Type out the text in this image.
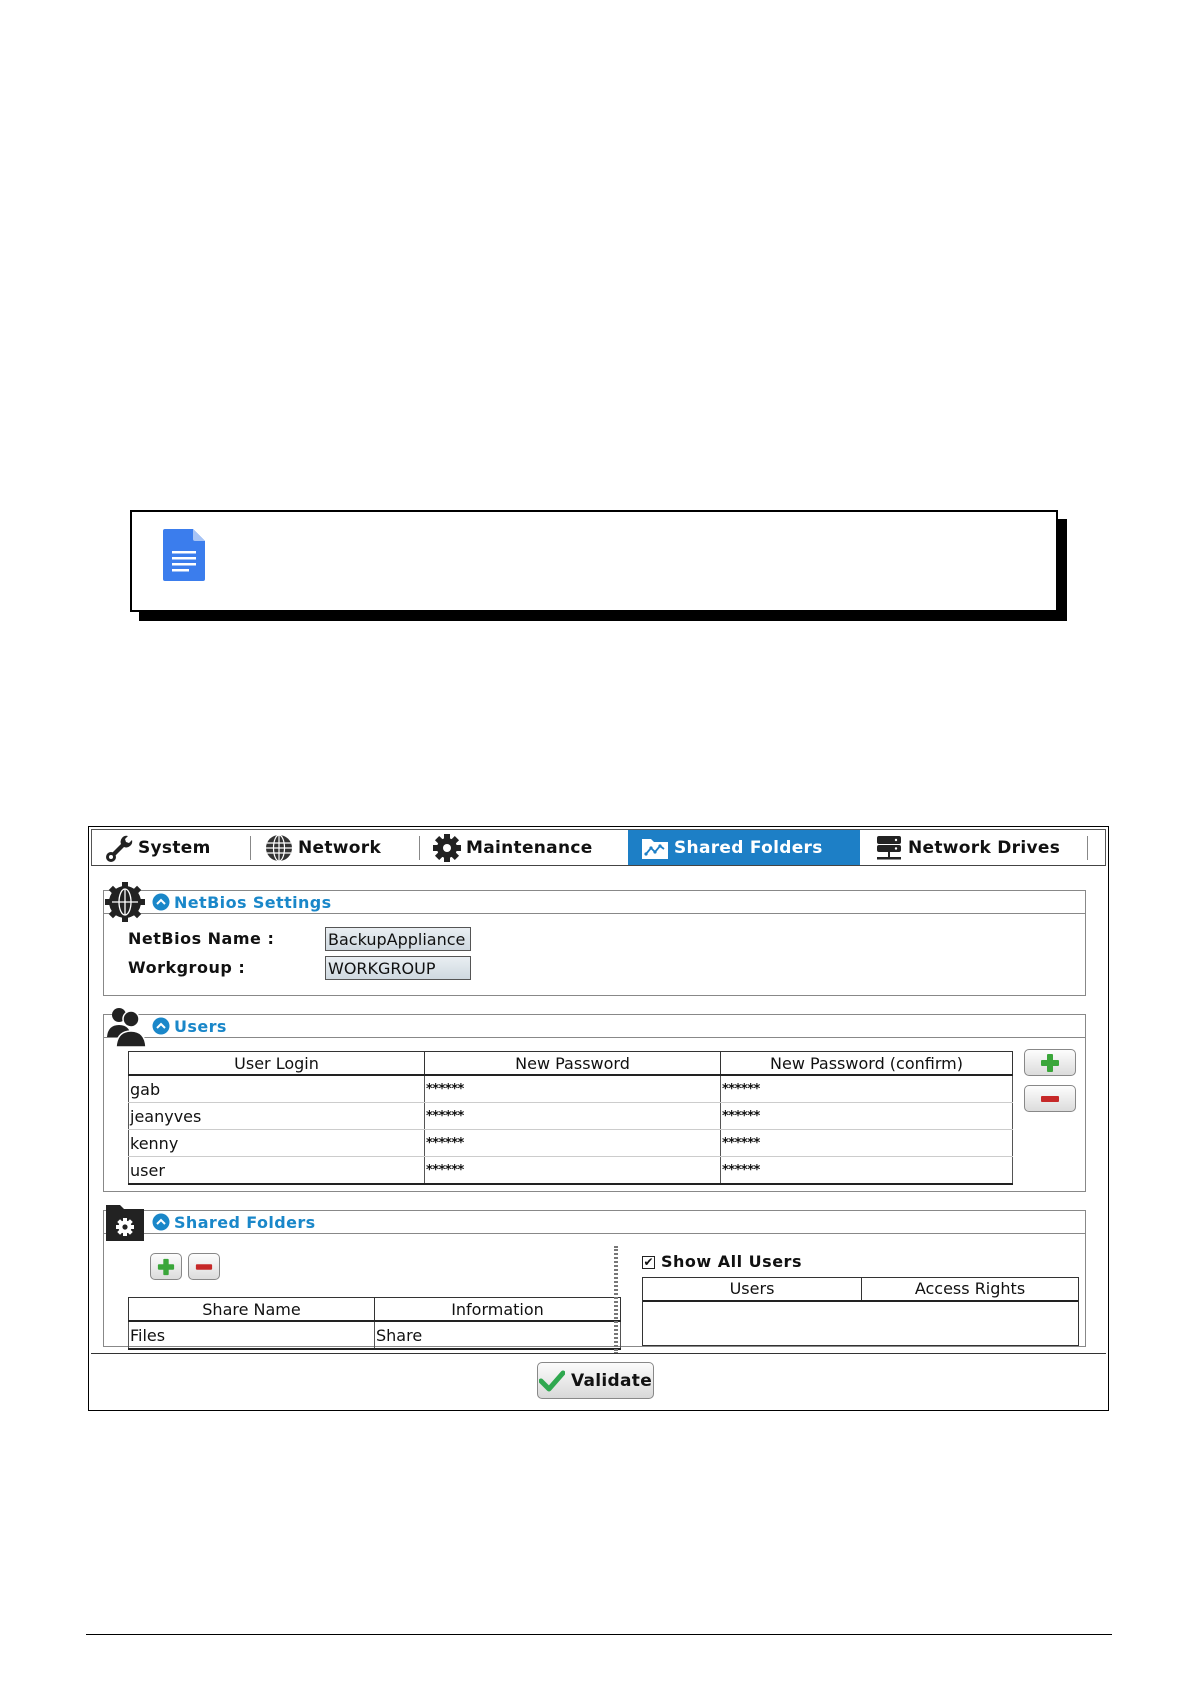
System	Network	Maintenance	Shared Folders	Network Drives
NetBios Settings
NetBios Name :	BackupAppliance
Workgroup :	WORKGROUP
Users
User Login	New Password	New Password (confirm)
gab	******	******
jeanyves	******	******
kenny	******	******
user	******	******
Shared Folders
Share Name	Information
Files	Share
✔ Show All Users
Users	Access Rights
Validate
